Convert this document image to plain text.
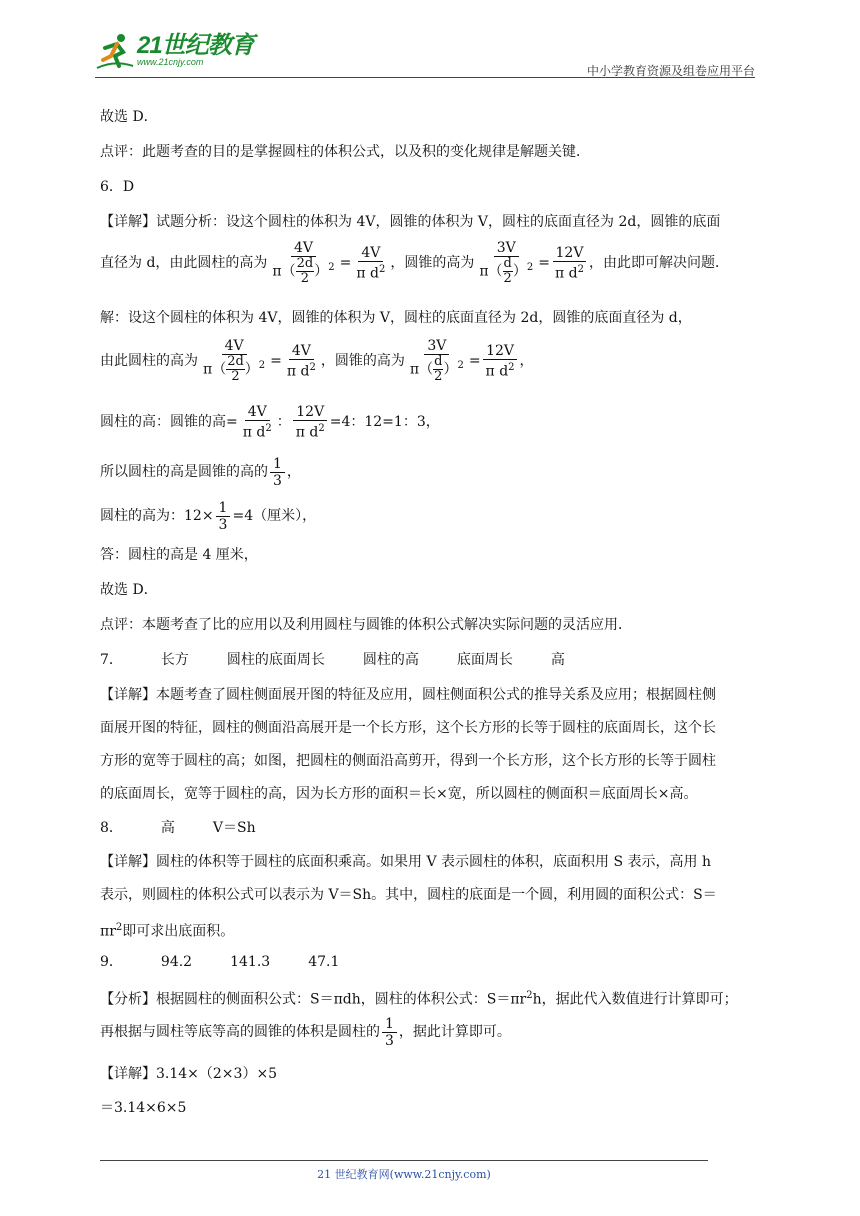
21世纪教育
www.21cnjy.com
中小学教育资源及组卷应用平台
故选 D．
点评：此题考查的目的是掌握圆柱的体积公式，以及积的变化规律是解题关键．
6．D
【详解】试题分析：设这个圆柱的体积为 4V，圆锥的体积为 V，圆柱的底面直径为 2d，圆锥的底面
直径为 d，由此圆柱的高为 $\frac{4V}{\pi( \frac{2d}{2} )^2} = \frac{4V}{\pi d^2}$ ，圆锥的高为 $\frac{3V}{\pi( \frac{d}{2} )^2} = \frac{12V}{\pi d^2}$ ，由此即可解决问题．
解：设这个圆柱的体积为 4V，圆锥的体积为 V，圆柱的底面直径为 2d，圆锥的底面直径为 d，
由此圆柱的高为 $\frac{4V}{\pi( \frac{2d}{2} )^2} = \frac{4V}{\pi d^2}$ ，圆锥的高为 $\frac{3V}{\pi( \frac{d}{2} )^2} = \frac{12V}{\pi d^2}$ ，
圆柱的高：圆锥的高= $\frac{4V}{\pi d^2}$ ： $\frac{12V}{\pi d^2} =4$：12=1：3，
所以圆柱的高是圆锥的高的 $\frac{1}{3}$ ，
圆柱的高为：$12\times \frac{1}{3} =4$（厘米），
答：圆柱的高是 4 厘米，
故选 D．
点评：本题考查了比的应用以及利用圆柱与圆锥的体积公式解决实际问题的灵活应用．
7．	长方	圆柱的底面周长	圆柱的高	底面周长	高
【详解】本题考查了圆柱侧面展开图的特征及应用，圆柱侧面积公式的推导关系及应用；根据圆柱侧
面展开图的特征，圆柱的侧面沿高展开是一个长方形，这个长方形的长等于圆柱的底面周长，这个长
方形的宽等于圆柱的高；如图，把圆柱的侧面沿高剪开，得到一个长方形，这个长方形的长等于圆柱
的底面周长，宽等于圆柱的高，因为长方形的面积＝长×宽，所以圆柱的侧面积＝底面周长×高。
8．	高	V＝Sh
【详解】圆柱的体积等于圆柱的底面积乘高。如果用 V 表示圆柱的体积，底面积用 S 表示，高用 h
表示，则圆柱的体积公式可以表示为 V＝Sh。其中，圆柱的底面是一个圆，利用圆的面积公式：S＝
$\pi r^2$即可求出底面积。
9．	94.2	141.3	47.1
【分析】根据圆柱的侧面积公式：S＝πdh，圆柱的体积公式：$S=\pi r^2h$，据此代入数值进行计算即可；
再根据与圆柱等底等高的圆锥的体积是圆柱的 $\frac{1}{3}$ ，据此计算即可。
【详解】3.14×（2×3）×5
＝3.14×6×5
21 世纪教育网(www.21cnjy.com)
